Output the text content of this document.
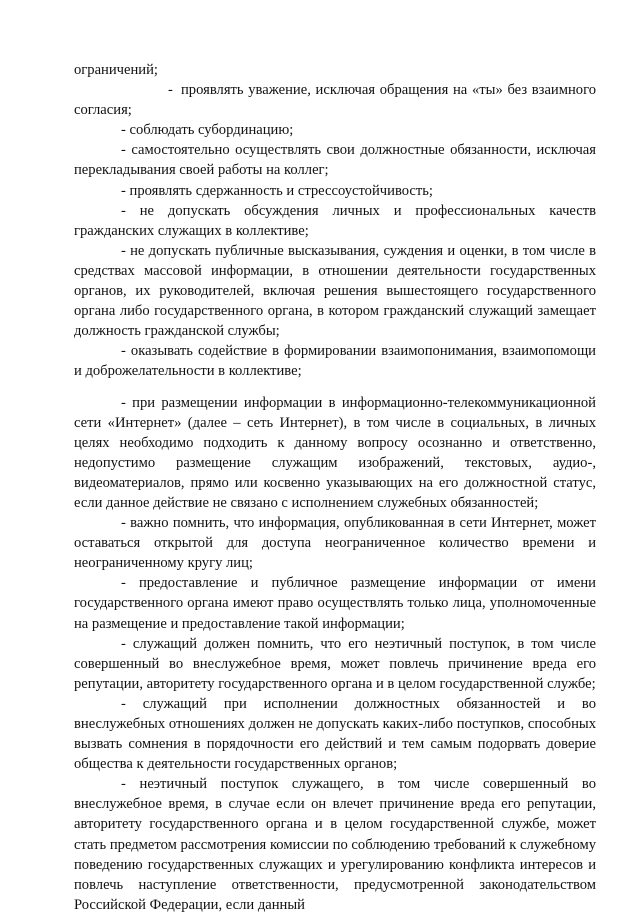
ограничений;

- проявлять уважение, исключая обращения на «ты» без взаимного согласия;

- соблюдать субординацию;

- самостоятельно осуществлять свои должностные обязанности, исключая перекладывания своей работы на коллег;

- проявлять сдержанность и стрессоустойчивость;

- не допускать обсуждения личных и профессиональных качеств гражданских служащих в коллективе;

- не допускать публичные высказывания, суждения и оценки, в том числе в средствах массовой информации, в отношении деятельности государственных органов, их руководителей, включая решения вышестоящего государственного органа либо государственного органа, в котором гражданский служащий замещает должность гражданской службы;

- оказывать содействие в формировании взаимопонимания, взаимопомощи и доброжелательности в коллективе;

- при размещении информации в информационно-телекоммуникационной сети «Интернет» (далее – сеть Интернет), в том числе в социальных, в личных целях необходимо подходить к данному вопросу осознанно и ответственно, недопустимо размещение служащим изображений, текстовых, аудио-, видеоматериалов, прямо или косвенно указывающих на его должностной статус, если данное действие не связано с исполнением служебных обязанностей;

- важно помнить, что информация, опубликованная в сети Интернет, может оставаться открытой для доступа неограниченное количество времени и неограниченному кругу лиц;

- предоставление и публичное размещение информации от имени государственного органа имеют право осуществлять только лица, уполномоченные на размещение и предоставление такой информации;

- служащий должен помнить, что его неэтичный поступок, в том числе совершенный во внеслужебное время, может повлечь причинение вреда его репутации, авторитету государственного органа и в целом государственной службе;

- служащий при исполнении должностных обязанностей и во внеслужебных отношениях должен не допускать каких-либо поступков, способных вызвать сомнения в порядочности его действий и тем самым подорвать доверие общества к деятельности государственных органов;

- неэтичный поступок служащего, в том числе совершенный во внеслужебное время, в случае если он влечет причинение вреда его репутации, авторитету государственного органа и в целом государственной службе, может стать предметом рассмотрения комиссии по соблюдению требований к служебному поведению государственных служащих и урегулированию конфликта интересов и повлечь наступление ответственности, предусмотренной законодательством Российской Федерации, если данный
